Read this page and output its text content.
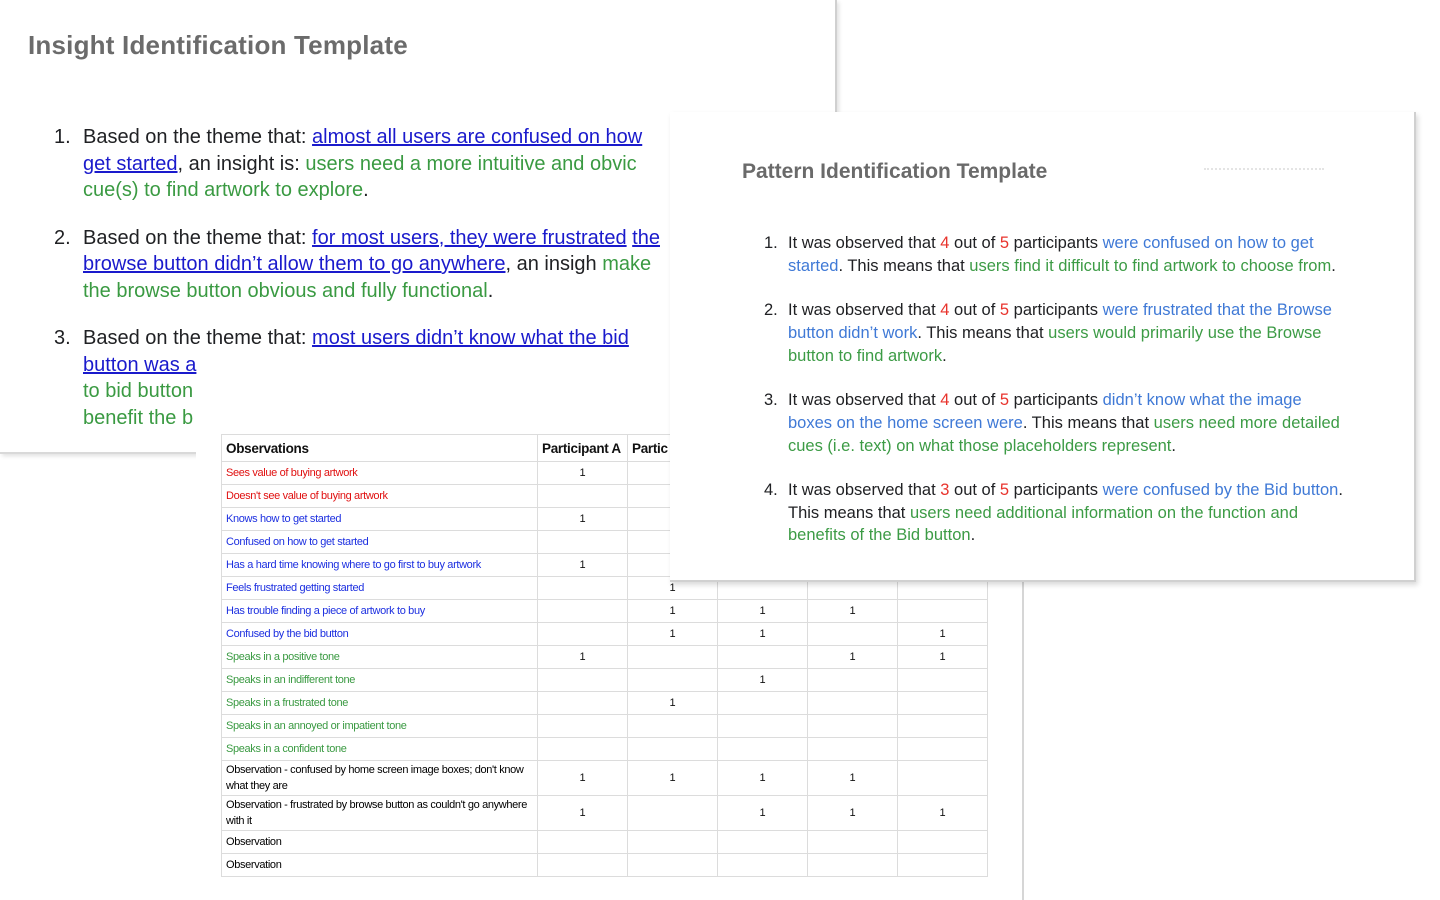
Insight Identification Template
1. Based on the theme that: almost all users are confused on how get started, an insight is: users need a more intuitive and obvic cue(s) to find artwork to explore.
2. Based on the theme that: for most users, they were frustrated the browse button didn’t allow them to go anywhere, an insigh make the browse button obvious and fully functional.
3. Based on the theme that: most users didn’t know what the bid button was a
to bid button
benefit the b
Observations	Participant A	Partic			
Sees value of buying artwork	1				
Doesn't see value of buying artwork					
Knows how to get started	1				
Confused on how to get started					
Has a hard time knowing where to go first to buy artwork	1				
Feels frustrated getting started		1			
Has trouble finding a piece of artwork to buy		1	1	1	
Confused by the bid button		1	1		1
Speaks in a positive tone	1			1	1
Speaks in an indifferent tone			1		
Speaks in a frustrated tone		1			
Speaks in an annoyed or impatient tone					
Speaks in a confident tone					
Observation - confused by home screen image boxes; don't know what they are	1	1	1	1	
Observation - frustrated by browse button as couldn't go anywhere with it	1		1	1	1
Observation					
Observation					
Pattern Identification Template
1. It was observed that 4 out of 5 participants were confused on how to get started. This means that users find it difficult to find artwork to choose from.
2. It was observed that 4 out of 5 participants were frustrated that the Browse button didn’t work. This means that users would primarily use the Browse button to find artwork.
3. It was observed that 4 out of 5 participants didn’t know what the image boxes on the home screen were. This means that users need more detailed cues (i.e. text) on what those placeholders represent.
4. It was observed that 3 out of 5 participants were confused by the Bid button. This means that users need additional information on the function and benefits of the Bid button.
